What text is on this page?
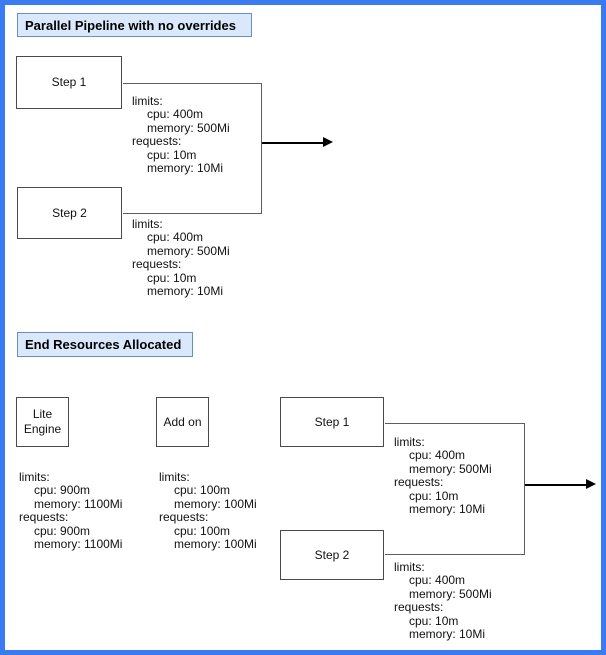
Parallel Pipeline with no overrides
Step 1
Step 2
limits:
cpu: 400m
memory: 500Mi
requests:
cpu: 10m
memory: 10Mi
limits:
cpu: 400m
memory: 500Mi
requests:
cpu: 10m
memory: 10Mi
End Resources Allocated
Lite
Engine
Add on
limits:
cpu: 900m
memory: 1100Mi
requests:
cpu: 900m
memory: 1100Mi
limits:
cpu: 100m
memory: 100Mi
requests:
cpu: 100m
memory: 100Mi
Step 1
Step 2
limits:
cpu: 400m
memory: 500Mi
requests:
cpu: 10m
memory: 10Mi
limits:
cpu: 400m
memory: 500Mi
requests:
cpu: 10m
memory: 10Mi
